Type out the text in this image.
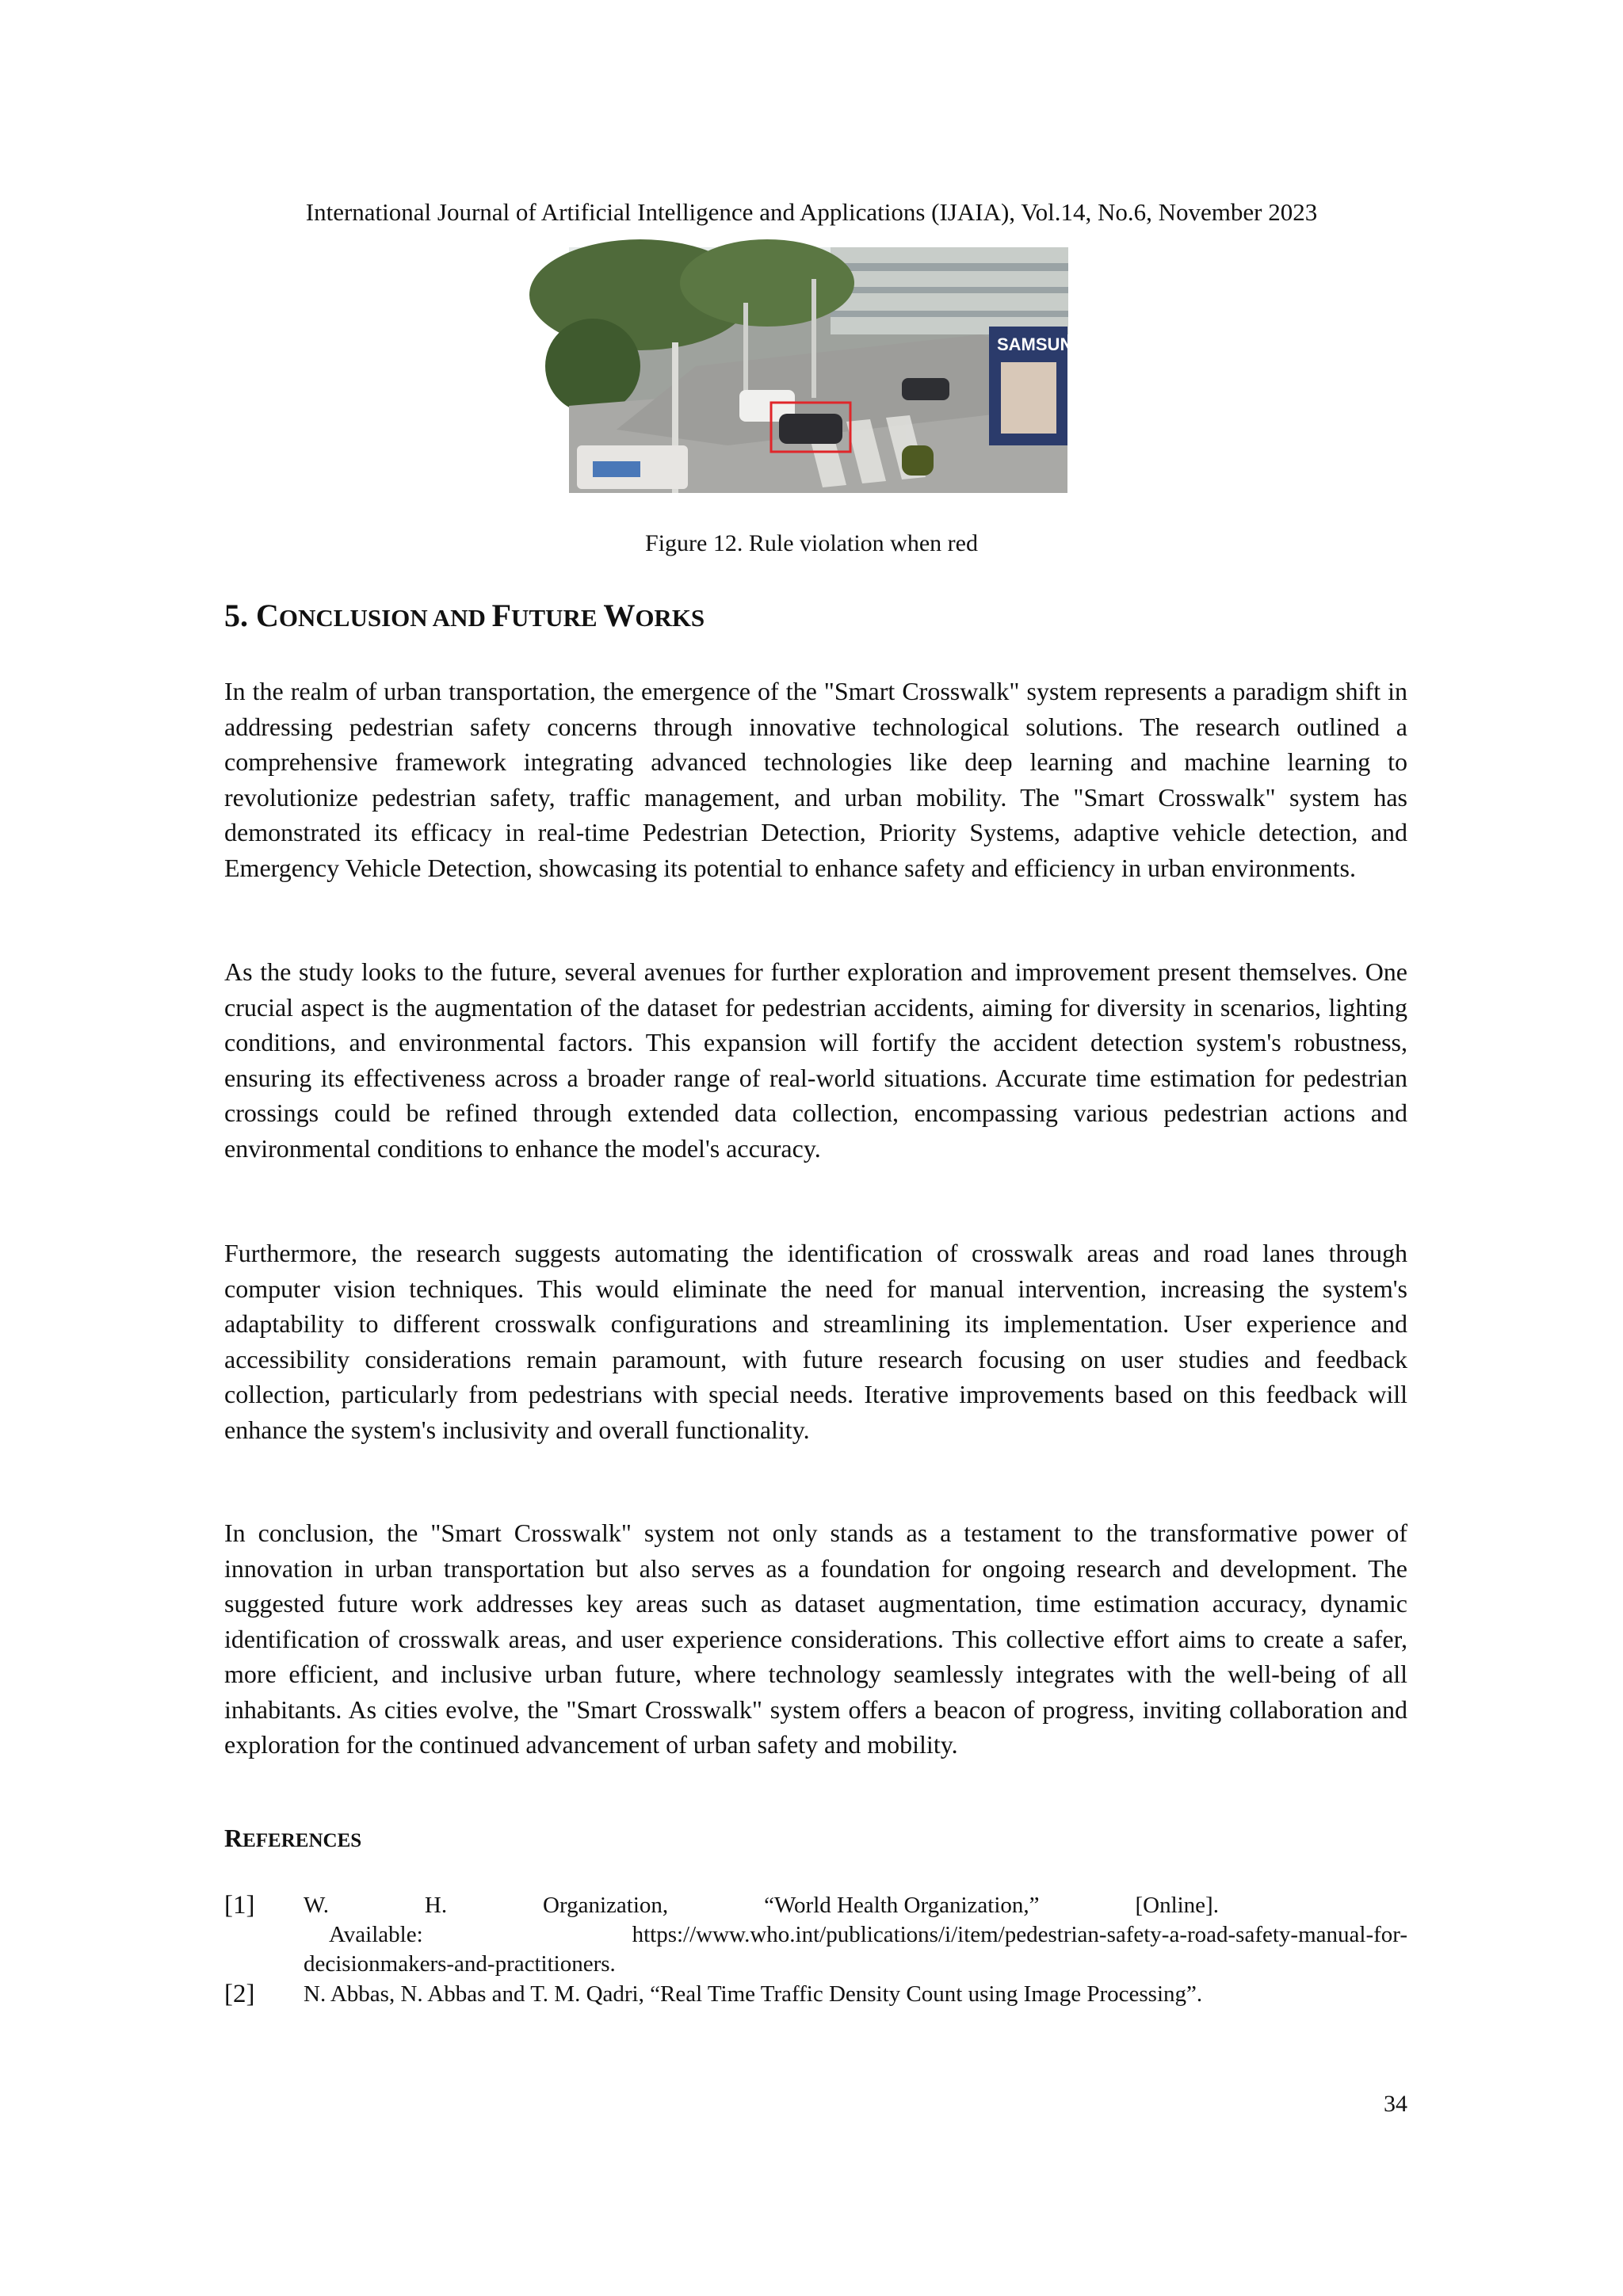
International Journal of Artificial Intelligence and Applications (IJAIA), Vol.14, No.6, November 2023
SAMSUNG
Figure 12. Rule violation when red
5. CONCLUSION AND FUTURE WORKS

In the realm of urban transportation, the emergence of the "Smart Crosswalk" system represents a paradigm shift in addressing pedestrian safety concerns through innovative technological solutions. The research outlined a comprehensive framework integrating advanced technologies like deep learning and machine learning to revolutionize pedestrian safety, traffic management, and urban mobility. The "Smart Crosswalk" system has demonstrated its efficacy in real-time Pedestrian Detection, Priority Systems, adaptive vehicle detection, and Emergency Vehicle Detection, showcasing its potential to enhance safety and efficiency in urban environments.

As the study looks to the future, several avenues for further exploration and improvement present themselves. One crucial aspect is the augmentation of the dataset for pedestrian accidents, aiming for diversity in scenarios, lighting conditions, and environmental factors. This expansion will fortify the accident detection system's robustness, ensuring its effectiveness across a broader range of real-world situations. Accurate time estimation for pedestrian crossings could be refined through extended data collection, encompassing various pedestrian actions and environmental conditions to enhance the model's accuracy.

Furthermore, the research suggests automating the identification of crosswalk areas and road lanes through computer vision techniques. This would eliminate the need for manual intervention, increasing the system's adaptability to different crosswalk configurations and streamlining its implementation. User experience and accessibility considerations remain paramount, with future research focusing on user studies and feedback collection, particularly from pedestrians with special needs. Iterative improvements based on this feedback will enhance the system's inclusivity and overall functionality.

In conclusion, the "Smart Crosswalk" system not only stands as a testament to the transformative power of innovation in urban transportation but also serves as a foundation for ongoing research and development. The suggested future work addresses key areas such as dataset augmentation, time estimation accuracy, dynamic identification of crosswalk areas, and user experience considerations. This collective effort aims to create a safer, more efficient, and inclusive urban future, where technology seamlessly integrates with the well-being of all inhabitants. As cities evolve, the "Smart Crosswalk" system offers a beacon of progress, inviting collaboration and exploration for the continued advancement of urban safety and mobility.

REFERENCES
[1] W.	H.	Organization,	“World Health Organization,”	[Online].
Available:	https://www.who.int/publications/i/item/pedestrian-safety-a-road-safety-manual-for-
decisionmakers-and-practitioners.
[2] N. Abbas, N. Abbas and T. M. Qadri, “Real Time Traffic Density Count using Image Processing”.
34
